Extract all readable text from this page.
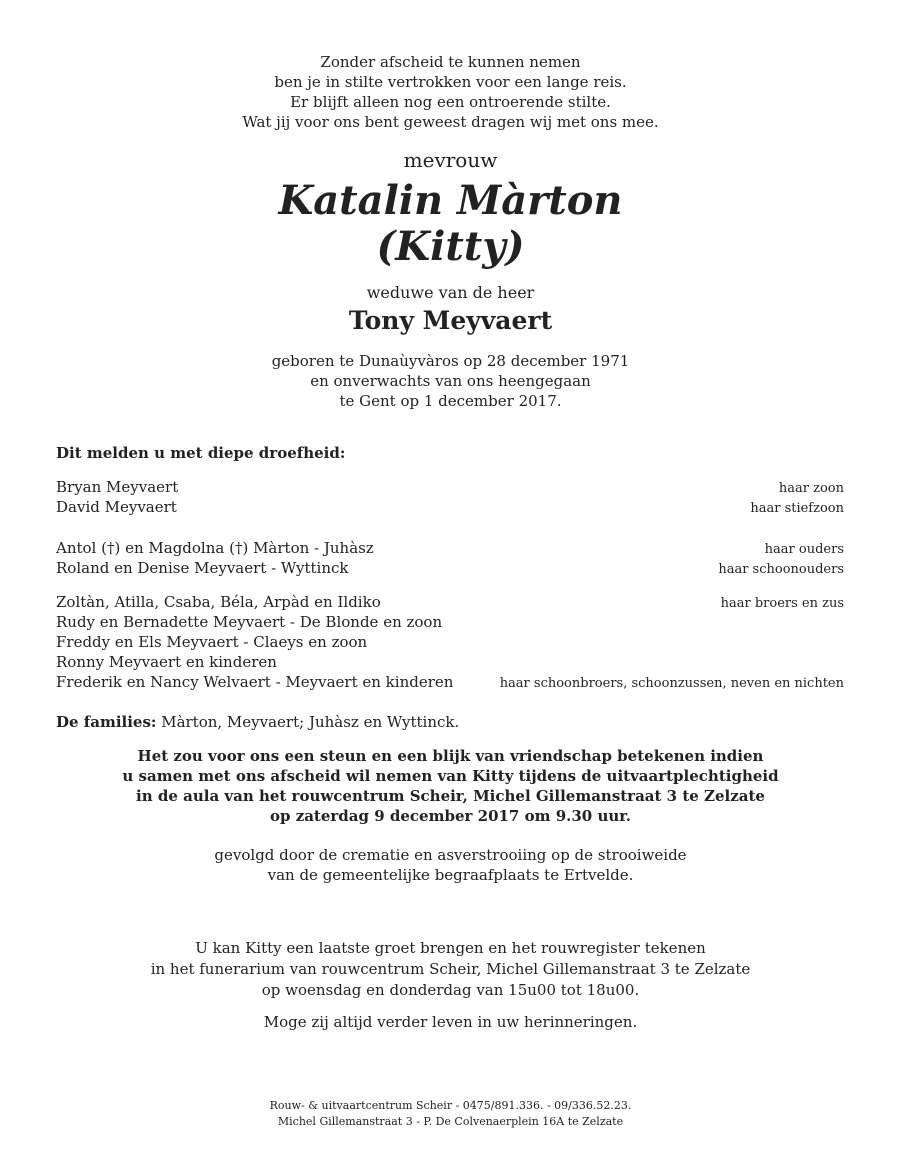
Zonder afscheid te kunnen nemen
ben je in stilte vertrokken voor een lange reis.
Er blijft alleen nog een ontroerende stilte.
Wat jij voor ons bent geweest dragen wij met ons mee.
mevrouw
Katalin Màrton
(Kitty)
weduwe van de heer
Tony Meyvaert
geboren te Dunaùyvàros op 28 december 1971
en onverwachts van ons heengegaan
te Gent op 1 december 2017.
Dit melden u met diepe droefheid:
Bryan Meyvaert	haar zoon
David Meyvaert	haar stiefzoon
Antol (†) en Magdolna (†) Màrton - Juhàsz	haar ouders
Roland en Denise Meyvaert - Wyttinck	haar schoonouders
Zoltàn, Atilla, Csaba, Béla, Arpàd en Ildiko	haar broers en zus
Rudy en Bernadette Meyvaert - De Blonde en zoon
Freddy en Els Meyvaert - Claeys en zoon
Ronny Meyvaert en kinderen
Frederik en Nancy Welvaert - Meyvaert en kinderen	haar schoonbroers, schoonzussen, neven en nichten
De families: Màrton, Meyvaert; Juhàsz en Wyttinck.
Het zou voor ons een steun en een blijk van vriendschap betekenen indien
u samen met ons afscheid wil nemen van Kitty tijdens de uitvaartplechtigheid
in de aula van het rouwcentrum Scheir, Michel Gillemanstraat 3 te Zelzate
op zaterdag 9 december 2017 om 9.30 uur.
gevolgd door de crematie en asverstrooiing op de strooiweide
van de gemeentelijke begraafplaats te Ertvelde.
U kan Kitty een laatste groet brengen en het rouwregister tekenen
in het funerarium van rouwcentrum Scheir, Michel Gillemanstraat 3 te Zelzate
op woensdag en donderdag van 15u00 tot 18u00.
Moge zij altijd verder leven in uw herinneringen.
Rouw- & uitvaartcentrum Scheir - 0475/891.336. - 09/336.52.23.
Michel Gillemanstraat 3 - P. De Colvenaerplein 16A te Zelzate
